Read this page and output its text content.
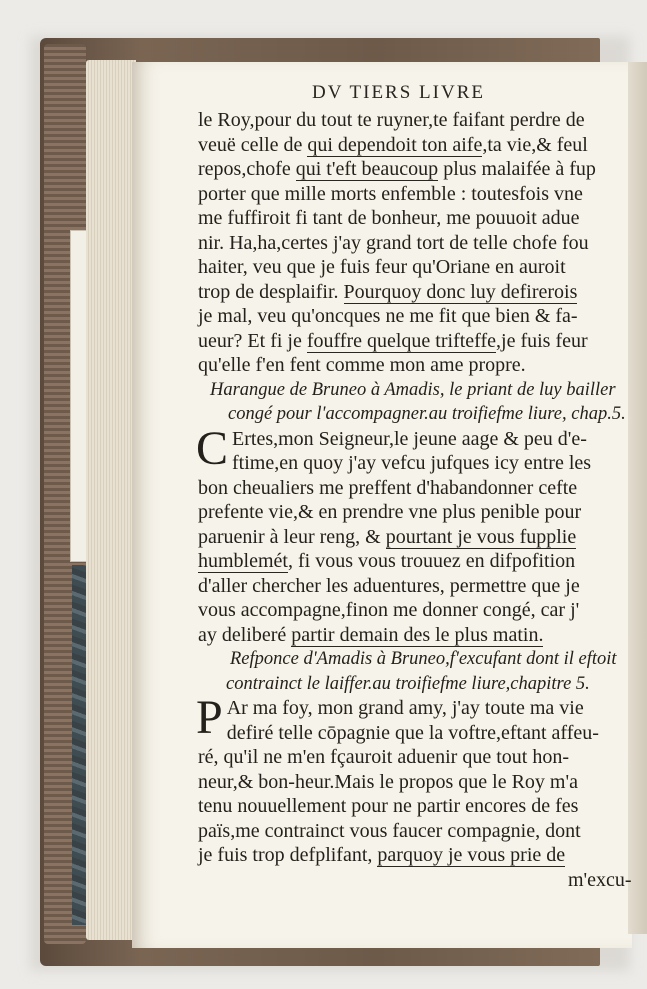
DV TIERS LIVRE
le Roy,pour du tout te ruyner,te faifant perdre de
veuë celle de qui dependoit ton aife,ta vie,& feul
repos,chofe qui t'eft beaucoup plus malaifée à fup
porter que mille morts enfemble : toutesfois vne
me fuffiroit fi tant de bonheur, me pouuoit adue
nir. Ha,ha,certes j'ay grand tort de telle chofe fou
haiter, veu que je fuis feur qu'Oriane en auroit
trop de desplaifir. Pourquoy donc luy defirerois
je mal, veu qu'oncques ne me fit que bien & fa-
ueur? Et fi je fouffre quelque trifteffe,je fuis feur
qu'elle f'en fent comme mon ame propre.
Harangue de Bruneo à Amadis, le priant de luy bailler
congé pour l'accompagner.au troifiefme liure, chap.5.
C Ertes,mon Seigneur,le jeune aage & peu d'e-
ftime,en quoy j'ay vefcu jufques icy entre les
bon cheualiers me preffent d'habandonner cefte
prefente vie,& en prendre vne plus penible pour
paruenir à leur reng, & pourtant je vous fupplie
humblemét, fi vous vous trouuez en difpofition
d'aller chercher les aduentures, permettre que je
vous accompagne,finon me donner congé, car j'
ay deliberé partir demain des le plus matin.
Refponce d'Amadis à Bruneo,f'excufant dont il eftoit
contrainct le laiffer.au troifiefme liure,chapitre 5.
P Ar ma foy, mon grand amy, j'ay toute ma vie
defiré telle cōpagnie que la voftre,eftant affeu-
ré, qu'il ne m'en fçauroit aduenir que tout hon-
neur,& bon-heur.Mais le propos que le Roy m'a
tenu nouuellement pour ne partir encores de fes
païs,me contrainct vous faucer compagnie, dont
je fuis trop defplifant, parquoy je vous prie de
m'excu-
